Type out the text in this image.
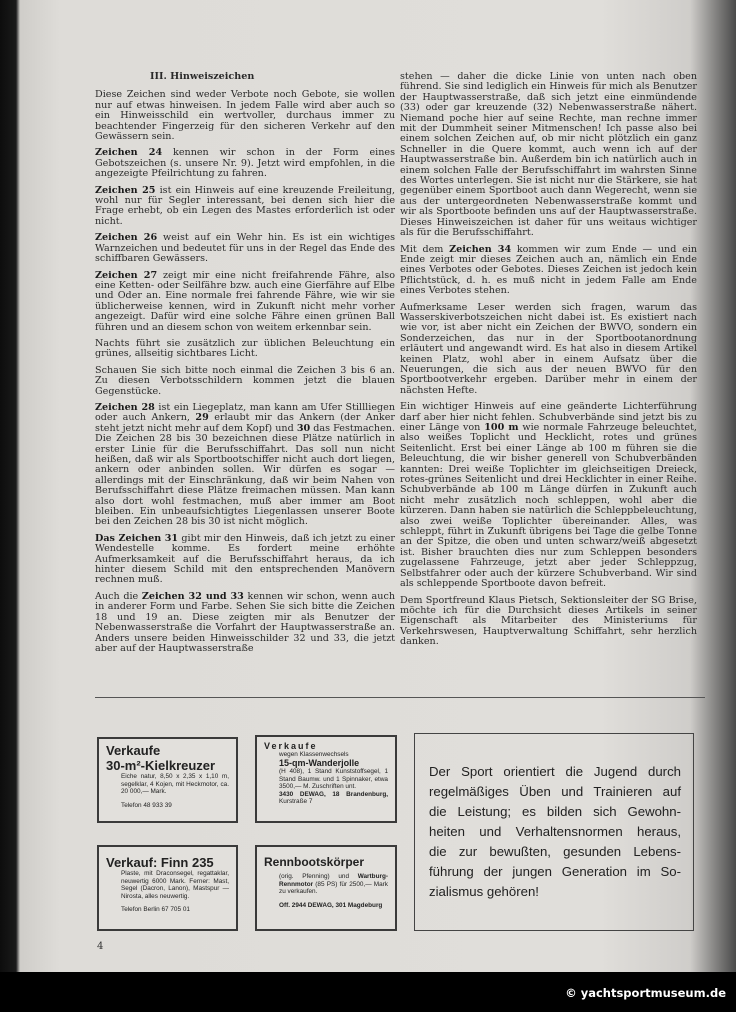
III. Hinweiszeichen

Diese Zeichen sind weder Verbote noch Gebote, sie wollen nur auf etwas hinweisen. In jedem Falle wird aber auch so ein Hinweisschild ein wertvoller, durchaus immer zu beachtender Fingerzeig für den sicheren Verkehr auf den Gewässern sein.

Zeichen 24 kennen wir schon in der Form eines Gebotszeichen (s. unsere Nr. 9). Jetzt wird empfohlen, in die angezeigte Pfeilrichtung zu fahren.

Zeichen 25 ist ein Hinweis auf eine kreuzende Freileitung, wohl nur für Segler interessant, bei denen sich hier die Frage erhebt, ob ein Legen des Mastes erforderlich ist oder nicht.

Zeichen 26 weist auf ein Wehr hin. Es ist ein wichtiges Warnzeichen und bedeutet für uns in der Regel das Ende des schiffbaren Gewässers.

Zeichen 27 zeigt mir eine nicht freifahrende Fähre, also eine Ketten- oder Seilfähre bzw. auch eine Gierfähre auf Elbe und Oder an. Eine normale frei fahrende Fähre, wie wir sie üblicherweise kennen, wird in Zukunft nicht mehr vorher angezeigt. Dafür wird eine solche Fähre einen grünen Ball führen und an diesem schon von weitem erkennbar sein.

Nachts führt sie zusätzlich zur üblichen Beleuchtung ein grünes, allseitig sichtbares Licht.

Schauen Sie sich bitte noch einmal die Zeichen 3 bis 6 an. Zu diesen Verbotsschildern kommen jetzt die blauen Gegenstücke.

Zeichen 28 ist ein Liegeplatz, man kann am Ufer Stillliegen oder auch Ankern, 29 erlaubt mir das Ankern (der Anker steht jetzt nicht mehr auf dem Kopf) und 30 das Festmachen. Die Zeichen 28 bis 30 bezeichnen diese Plätze natürlich in erster Linie für die Berufsschiffahrt. Das soll nun nicht heißen, daß wir als Sportbootschiffer nicht auch dort liegen, ankern oder anbinden sollen. Wir dürfen es sogar — allerdings mit der Einschränkung, daß wir beim Nahen von Berufsschiffahrt diese Plätze freimachen müssen. Man kann also dort wohl festmachen, muß aber immer am Boot bleiben. Ein unbeaufsichtigtes Liegenlassen unserer Boote bei den Zeichen 28 bis 30 ist nicht möglich.

Das Zeichen 31 gibt mir den Hinweis, daß ich jetzt zu einer Wendestelle komme. Es fordert meine erhöhte Aufmerksamkeit auf die Berufsschiffahrt heraus, da ich hinter diesem Schild mit den entsprechenden Manövern rechnen muß.

Auch die Zeichen 32 und 33 kennen wir schon, wenn auch in anderer Form und Farbe. Sehen Sie sich bitte die Zeichen 18 und 19 an. Diese zeigten mir als Benutzer der Nebenwasserstraße die Vorfahrt der Hauptwasserstraße an. Anders unsere beiden Hinweisschilder 32 und 33, die jetzt aber auf der Hauptwasserstraße

stehen — daher die dicke Linie von unten nach oben führend. Sie sind lediglich ein Hinweis für mich als Benutzer der Hauptwasserstraße, daß sich jetzt eine einmündende (33) oder gar kreuzende (32) Nebenwasserstraße nähert. Niemand poche hier auf seine Rechte, man rechne immer mit der Dummheit seiner Mitmenschen! Ich passe also bei einem solchen Zeichen auf, ob mir nicht plötzlich ein ganz Schneller in die Quere kommt, auch wenn ich auf der Hauptwasserstraße bin. Außerdem bin ich natürlich auch in einem solchen Falle der Berufsschiffahrt im wahrsten Sinne des Wortes unterlegen. Sie ist nicht nur die Stärkere, sie hat gegenüber einem Sportboot auch dann Wegerecht, wenn sie aus der untergeordneten Nebenwasserstraße kommt und wir als Sportboote befinden uns auf der Hauptwasserstraße. Dieses Hinweiszeichen ist daher für uns weitaus wichtiger als für die Berufsschiffahrt.

Mit dem Zeichen 34 kommen wir zum Ende — und ein Ende zeigt mir dieses Zeichen auch an, nämlich ein Ende eines Verbotes oder Gebotes. Dieses Zeichen ist jedoch kein Pflichtstück, d. h. es muß nicht in jedem Falle am Ende eines Verbotes stehen.

Aufmerksame Leser werden sich fragen, warum das Wasserskiverbotszeichen nicht dabei ist. Es existiert nach wie vor, ist aber nicht ein Zeichen der BWVO, sondern ein Sonderzeichen, das nur in der Sportbootanordnung erläutert und angewandt wird. Es hat also in diesem Artikel keinen Platz, wohl aber in einem Aufsatz über die Neuerungen, die sich aus der neuen BWVO für den Sportbootverkehr ergeben. Darüber mehr in einem der nächsten Hefte.

Ein wichtiger Hinweis auf eine geänderte Lichterführung darf aber hier nicht fehlen. Schubverbände sind jetzt bis zu einer Länge von 100 m wie normale Fahrzeuge beleuchtet, also weißes Toplicht und Hecklicht, rotes und grünes Seitenlicht. Erst bei einer Länge ab 100 m führen sie die Beleuchtung, die wir bisher generell von Schubverbänden kannten: Drei weiße Toplichter im gleichseitigen Dreieck, rotes-grünes Seitenlicht und drei Hecklichter in einer Reihe. Schubverbände ab 100 m Länge dürfen in Zukunft auch nicht mehr zusätzlich noch schleppen, wohl aber die kürzeren. Dann haben sie natürlich die Schleppbeleuchtung, also zwei weiße Toplichter übereinander. Alles, was schleppt, führt in Zukunft übrigens bei Tage die gelbe Tonne an der Spitze, die oben und unten schwarz/weiß abgesetzt ist. Bisher brauchten dies nur zum Schleppen besonders zugelassene Fahrzeuge, jetzt aber jeder Schleppzug, Selbstfahrer oder auch der kürzere Schubverband. Wir sind als schleppende Sportboote davon befreit.

Dem Sportfreund Klaus Pietsch, Sektionsleiter der SG Brise, möchte ich für die Durchsicht dieses Artikels in seiner Eigenschaft als Mitarbeiter des Ministeriums für Verkehrswesen, Hauptverwaltung Schiffahrt, sehr herzlich danken.

Verkaufe
30-m²-Kielkreuzer
Eiche natur, 8,50 x 2,35 x 1,10 m, segelklar, 4 Kojen, mit Heckmotor, ca. 20 000,— Mark.
Telefon 48 933 39
Verkaufe
wegen Klassenwechsels
15-qm-Wanderjolle
(H 408), 1 Stand Kunststoffsegel, 1 Stand Baumw. und 1 Spinnaker, etwa 3500,— M. Zuschriften unt.
3430 DEWAG, 18 Brandenburg, Kurstraße 7
Verkauf: Finn 235
Plaste, mit Draconsegel, regattaklar, neuwertig 6000 Mark. Ferner: Mast, Segel (Dacron, Lanon), Mastspur — Nirosta, alles neuwertig.
Telefon Berlin 67 705 01
Rennbootskörper
(orig. Pfenning) und Wartburg-Rennmotor (85 PS) für 2500,— Mark zu verkaufen.
Off. 2944 DEWAG, 301 Magdeburg
Der Sport orientiert die Jugend durch
regelmäßiges Üben und Trainieren auf
die Leistung; es bilden sich Gewohn-
heiten und Verhaltensnormen heraus,
die zur bewußten, gesunden Lebens-
führung der jungen Generation im So-
zialismus gehören!
4
© yachtsportmuseum.de
